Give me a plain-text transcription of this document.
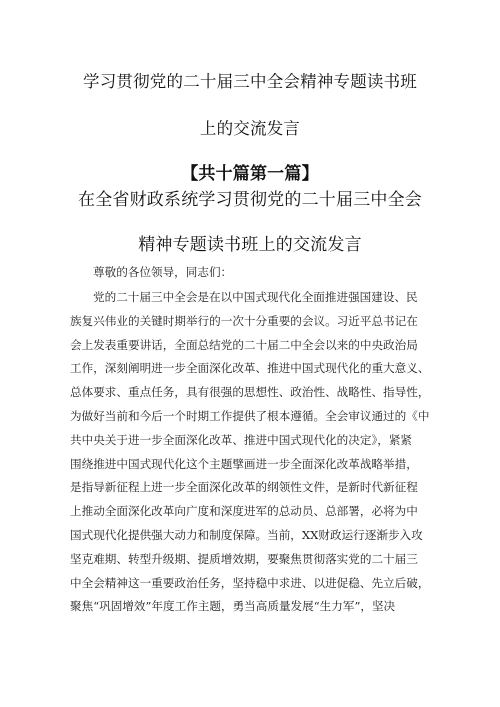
学习贯彻党的二十届三中全会精神专题读书班
上的交流发言
【共十篇第一篇】
在全省财政系统学习贯彻党的二十届三中全会
精神专题读书班上的交流发言
尊敬的各位领导，同志们：
党的二十届三中全会是在以中国式现代化全面推进强国建设、民
族复兴伟业的关键时期举行的一次十分重要的会议。习近平总书记在
会上发表重要讲话，全面总结党的二十届二中全会以来的中央政治局
工作，深刻阐明进一步全面深化改革、推进中国式现代化的重大意义、
总体要求、重点任务，具有很强的思想性、政治性、战略性、指导性，
为做好当前和今后一个时期工作提供了根本遵循。全会审议通过的《中
共中央关于进一步全面深化改革、推进中国式现代化的决定》，紧紧
围绕推进中国式现代化这个主题擘画进一步全面深化改革战略举措，
是指导新征程上进一步全面深化改革的纲领性文件，是新时代新征程
上推动全面深化改革向广度和深度进军的总动员、总部署，必将为中
国式现代化提供强大动力和制度保障。当前，XX财政运行逐渐步入攻
坚克难期、转型升级期、提质增效期，要聚焦贯彻落实党的二十届三
中全会精神这一重要政治任务，坚持稳中求进、以进促稳、先立后破，
聚焦“巩固增效”年度工作主题，勇当高质量发展“生力军”，坚决
